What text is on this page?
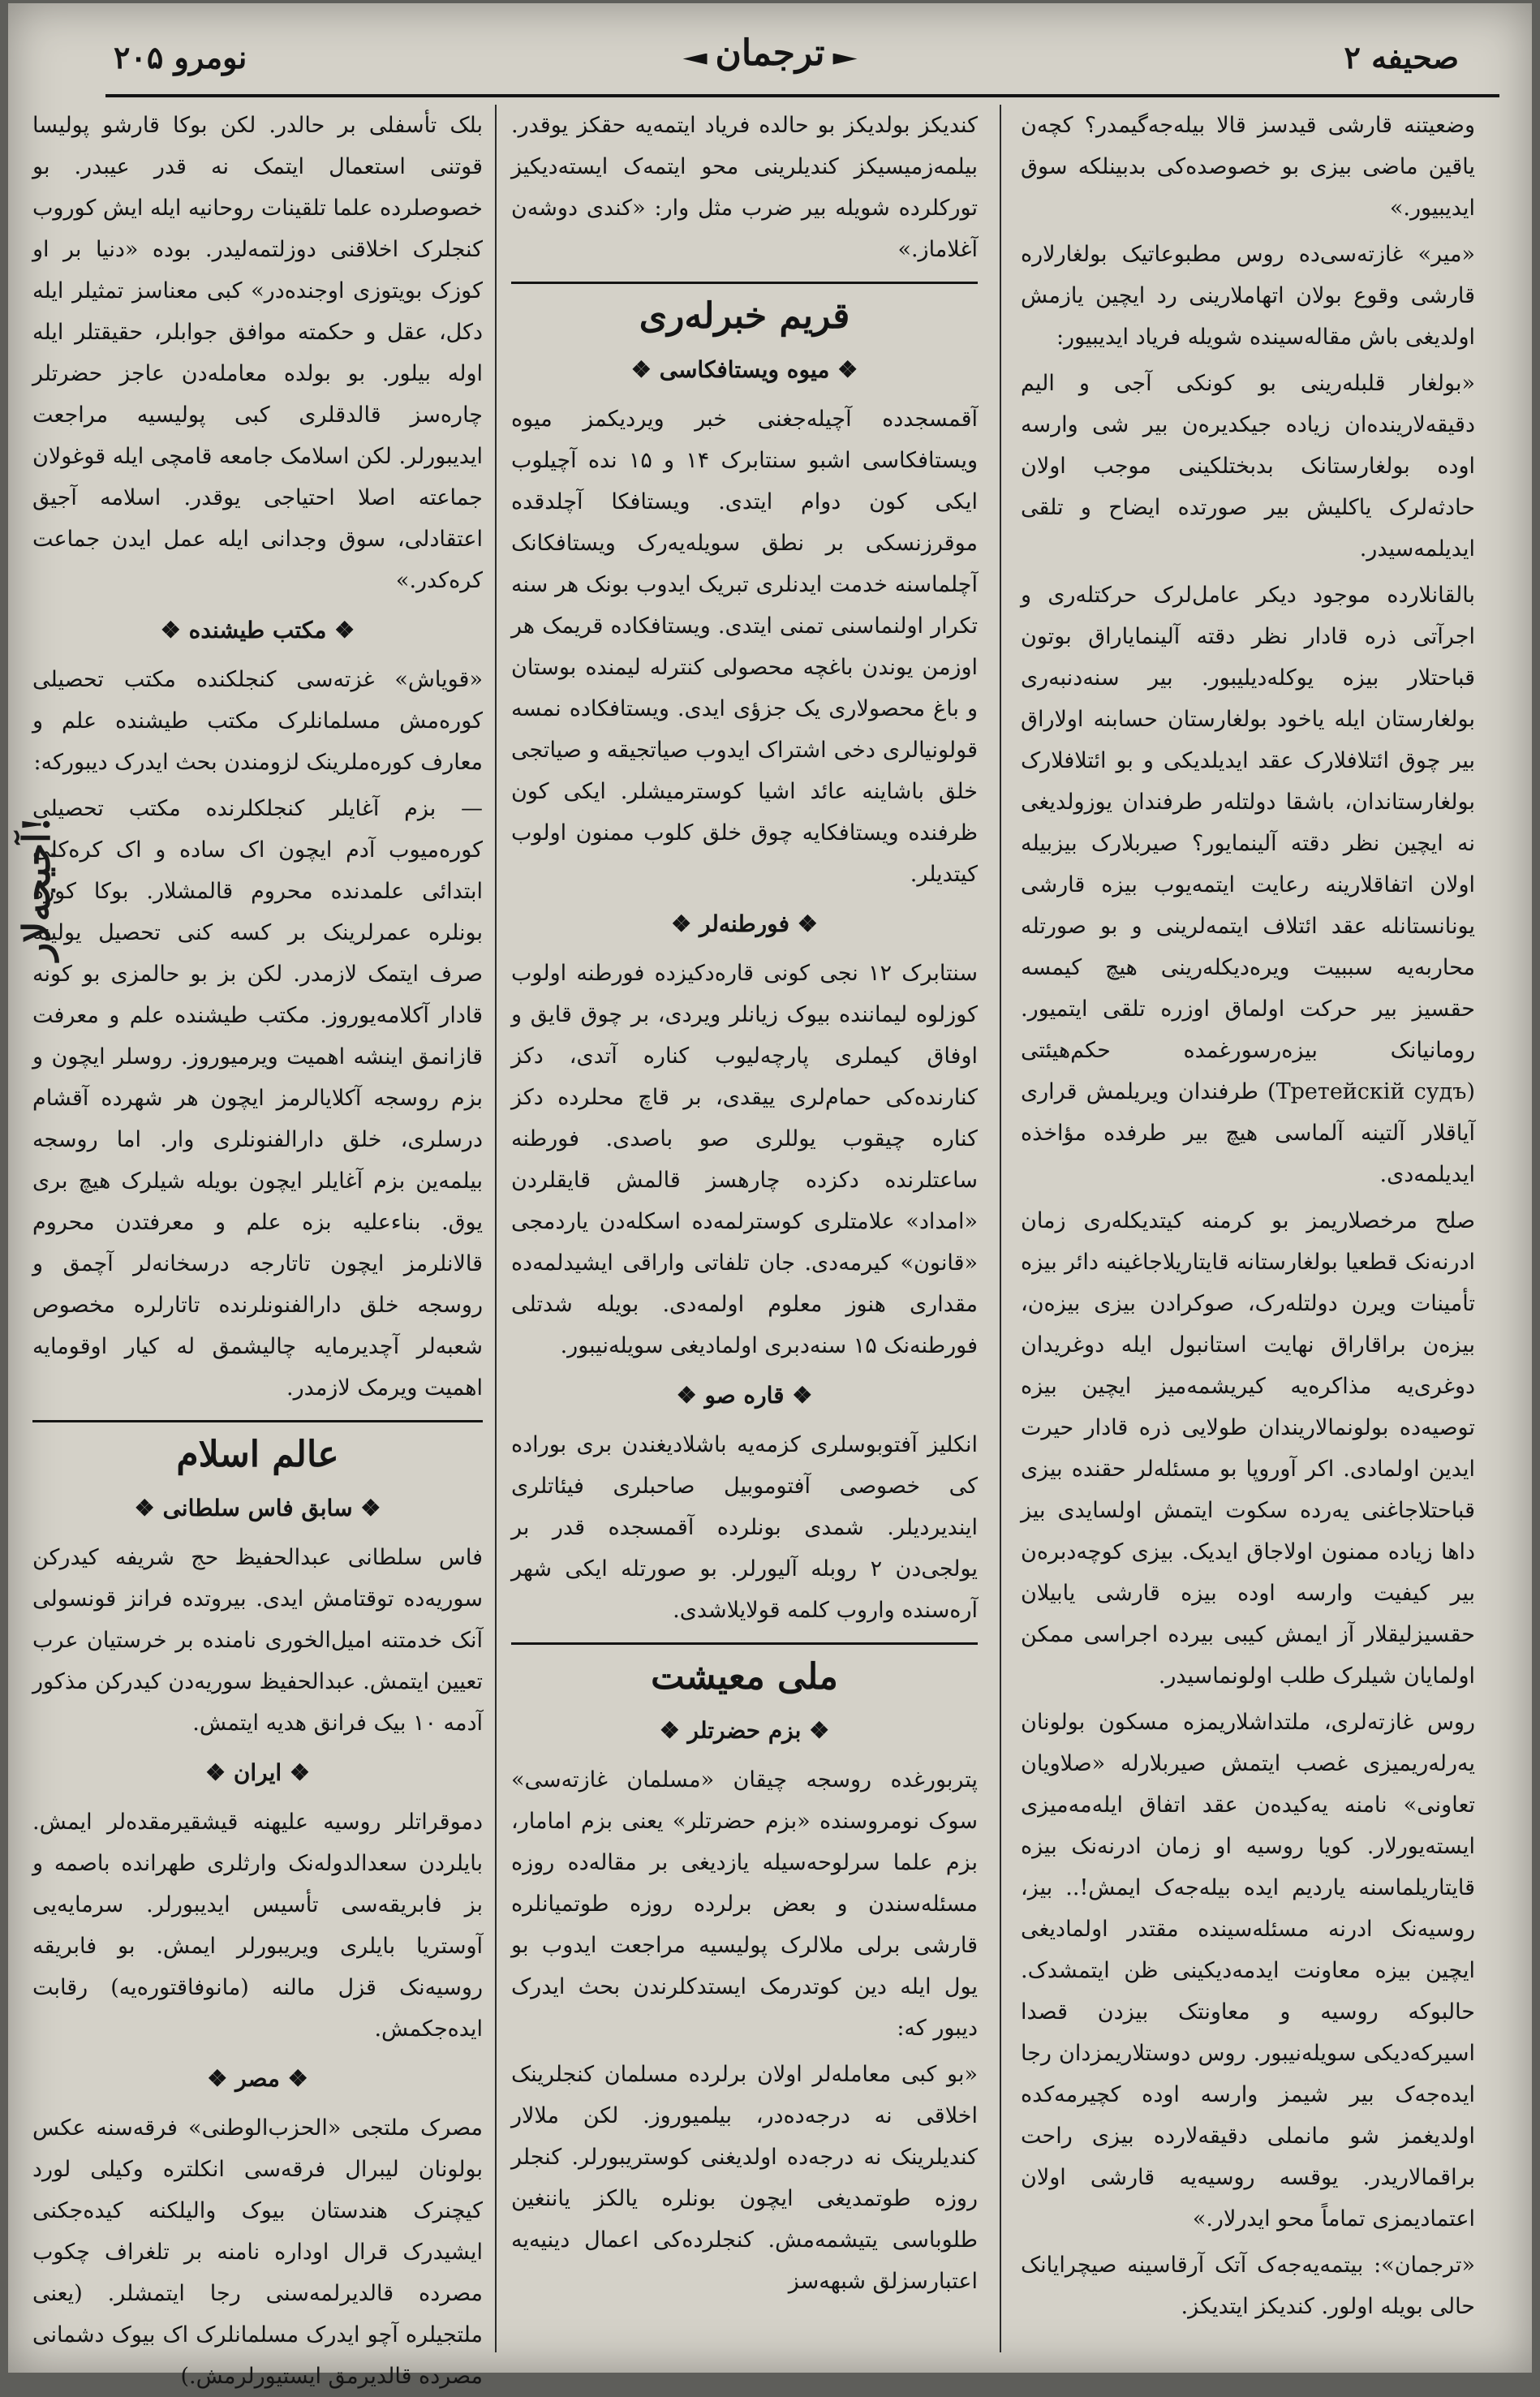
صحیفه ۲
ترجمان
نومرو ۲۰۵

وضعیتنه قارشی قیدسز قالا بیله‌جه‌گیمدر؟ کچه‌ن یاقین ماضی بیزی بو خصوصده‌کی بدبینلکه سوق ایدیبیور.»

«میر» غازته‌سی‌ده روس مطبوعاتیک بولغار‌لاره قارشی وقوع بولان اتهاملارینی رد ایچین یازمش اولدیغی باش مقاله‌سینده شویله فریاد ایدیبیور:

«بولغار قلبله‌رینی بو کونکی آجی و الیم دقیقه‌لارینده‌ان زیاده جیکدیره‌ن بیر شی وارسه اوده بولغارستانک بدبختلکینی موجب اولان حادثه‌لرک یاکلیش بیر صورتده ایضاح و تلقی ایدیلمه‌سیدر.

بالقانلارده موجود دیکر عامل‌لرک حرکتله‌ری و اجرآتی ذره قادار نظر دقته آلینمایاراق بوتون قباحتلار بیزه یوکله‌دیلیبور. بیر سنه‌دنبه‌ری بولغارستان ایله یاخود بولغارستان حسابنه اولاراق بیر چوق ائتلافلارک عقد ایدیلدیکی و بو ائتلافلارک بولغارستاندان، باشقا دولتله‌ر طرفندان یوزولدیغی نه ایچین نظر دقته آلینمایور؟ صیربلارک بیزبیله اولان اتفاقلارینه رعایت ایتمه‌یوب بیزه قارشی یونانستانله عقد ائتلاف ایتمه‌لرینی و بو صورتله محاربه‌یه سببیت ویره‌دیکله‌رینی هیچ کیمسه حقسیز بیر حرکت اولماق اوزره تلقی ایتمیور. رومانیانک بیزه‌رسو‌رغمده حکم‌هیئتی (Третейскій судъ) طرفندان ویریلمش قراری آیاقلار آلتینه آلماسی هیچ بیر طرفده مؤاخذه ایدیلمه‌دی.

صلح مرخصلاریمز بو کرمنه کیتدیکله‌ری زمان ادرنه‌نک قطعیا بولغارستانه قایتاریلاجاغینه دائر بیزه تأمینات ویرن دولتله‌رک، صوکرادن بیزی بیزه‌ن، بیزه‌ن براقاراق نهایت استانبول ایله دوغریدان دوغری‌یه مذاکره‌یه کیریشمه‌میز ایچین بیزه توصیه‌ده بولونمالاریندان طولایی ذره قادار حیرت ایدین اولمادی. اکر آوروپا بو مسئله‌لر حقنده بیزی قباحتلاجاغنی یه‌رده سکوت ایتمش اولسایدی بیز داها زیاده ممنون اولاجاق ایدیک. بیزی کوچه‌دبره‌ن بیر کیفیت وارسه اوده بیزه قارشی یابیلان حقسیزلیقلار آز ایمش کیبی بیرده اجراسی ممکن اولمایان شیلرک طلب اولونماسیدر.

روس غازته‌لری، ملتداشلاریمزه مسکون بولونان یه‌رله‌ریمیزی غصب ایتمش صیربلارله «صلاویان تعاونی» نامنه یه‌کیده‌ن عقد اتفاق ایله‌مه‌میزی ایسته‌یورلار. کویا روسیه او زمان ادرنه‌نک بیزه قایتاریلماسنه یاردیم ایده بیله‌جه‌ک ایمش!.. بیز، روسیه‌نک ادرنه مسئله‌سینده مقتدر اولمادیغی ایچین بیزه معاونت ایدمه‌دیکینی ظن ایتمشدک. حالبوکه روسیه و معاونتک بیزدن قصدا اسیرکه‌دیکی سویله‌نیبور. روس دوستلاریمزدان رجا ایده‌جه‌ک بیر شیمز وارسه اوده کچیرمه‌کده اولدیغمز شو مانملی دقیقه‌لارده بیزی راحت براقمالاریدر. یوقسه روسیه‌یه قارشی اولان اعتمادیمزی تماماً محو ایدرلار.»

«ترجمان»: بیتمه‌یه‌جه‌ک آتک آرقاسینه صیچرایانک حالی بویله اولور. کندیکز ایتدیکز.

کندیکز بولدیکز بو حالده فریاد ایتمه‌یه حقکز یوقدر. بیلمه‌زمیسیکز کندیلرینی محو ایتمه‌ک ایسته‌دیکیز تورکلرده شویله بیر ضرب مثل وار: «کندی دوشه‌ن آغلاماز.»

قریم خبرله‌ری
❖ میوه ویستافکاسی ❖

آقمسجدده آچیله‌جغنی خبر ویردیکمز میوه ویستافکاسی اشبو سنتابرک ۱۴ و ۱۵ نده آچیلوب ایکی کون دوام ایتدی. ویستافکا آچلدقده موقرزنسکی بر نطق سویله‌یه‌رک ویستافکانک آچلماسنه خدمت ایدنلری تبریک ایدوب بونک هر سنه تکرار اولنماسنی تمنی ایتدی. ویستافکاده قریمک هر اوزمن یوندن باغچه محصولی کنترله لیمنده بوستان و باغ محصولاری یک جزؤی ایدی. ویستافکاده نمسه قولونیالری دخی اشتراک ایدوب صیاتجیقه و صیاتجی خلق باشاینه عائد اشیا کوسترمیشلر. ایکی کون ظرفنده ویستافکایه چوق خلق کلوب ممنون اولوب کیتدیلر.

❖ فورطنه‌لر ❖

سنتابرک ۱۲ نجی کونی قاره‌دکیزده فورطنه اولوب کوزلوه لیماننده بیوک زیانلر ویردی، بر چوق قایق و اوفاق کیملری پارچه‌لیوب کناره آتدی، دکز کنارنده‌کی حمام‌لری ییقدی، بر قاچ محلرده دکز کناره چیقوب یوللری صو باصدی. فورطنه ساعتلرنده دکزده چارهسز قالمش قایقلردن «امداد» علامتلری کوسترلمه‌ده اسکله‌دن یاردمجی «قانون» کیرمه‌دی. جان تلفاتی واراقی ایشیدلمه‌ده مقداری هنوز معلوم اولمه‌دی. بویله شدتلی فورطنه‌نک ۱۵ سنه‌دبری اولمادیغی سویله‌نیبور.

❖ قاره صو ❖

انکلیز آفتوبوسلری کزمه‌یه باشلادیغندن بری بوراده کی خصوصی آفتوموبیل صاحبلری فیئاتلری ایندیردیلر. شمدی بونلرده آقمسجده قدر بر یولجی‌دن ۲ روبله آلیورلر. بو صورتله ایکی شهر آره‌سنده واروب کلمه قولایلاشدی.

ملی معیشت
❖ بزم حضرتلر ❖

پتربورغده روسجه چیقان «مسلمان غازته‌سی» سوک نومروسنده «بزم حضرتلر» یعنی بزم امامار، بزم علما سرلوحه‌سیله یازدیغی بر مقاله‌ده روزه مسئله‌سندن و بعض برلرده روزه طوتمیانلره قارشی برلی ملالرک پولیسیه مراجعت ایدوب بو یول ایله دین کوتدرمک ایستدکلرندن بحث ایدرک دیبور که:

«بو کبی معامله‌لر اولان برلرده مسلمان کنجلرینک اخلاقی نه درجه‌ده‌در، بیلمیوروز. لکن ملالار کندیلرینک نه درجه‌ده اولدیغنی کوستریبورلر. کنجلر روزه طوتمدیغی ایچون بونلره یالکز یاننغین طلوباسی یتیشمه‌مش. کنجلرده‌کی اعمال دینیه‌یه اعتبارسزلق شبهه‌سز

بلک تأسفلی بر حالدر. لکن بوکا قارشو پولیسا قوتنی استعمال ایتمک نه قدر عیبدر. بو خصوصلرده علما تلقینات روحانیه ایله ایش کوروب کنجلرک اخلاقنی دوزلتمه‌لیدر. بوده «دنیا بر او کوزک بویتوزی اوجنده‌در» کبی معناسز تمثیلر ایله دکل، عقل و حکمته موافق جوابلر، حقیقتلر ایله اوله بیلور. بو بولده معامله‌دن عاجز حضرتلر چاره‌سز قالدقلری کبی پولیسیه مراجعت ایدیبورلر. لکن اسلامک جامعه قامچی ایله قوغولان جماعته اصلا احتیاجی یوقدر. اسلامه آجیق اعتقادلی، سوق وجدانی ایله عمل ایدن جماعت کره‌کدر.»

❖ مکتب طیشنده ❖

«قویاش» غزته‌سی کنجلکنده مکتب تحصیلی کوره‌مش مسلمانلرک مکتب طیشنده علم و معارف کوره‌ملرینک لزومندن بحث ایدرک دیبورکه:

— بزم آغایلر کنجلکلرنده مکتب تحصیلی کوره‌میوب آدم ایچون اک ساده و اک کره‌کلی ابتدائی علمدنده محروم قالمشلار. بوکا کوره بونلره عمرلرینک بر کسه کنی تحصیل یولینه صرف ایتمک لازمدر. لکن بز بو حالمزی بو کونه قادار آکلامه‌یوروز. مکتب طیشنده علم و معرفت قازانمق اینشه اهمیت ویرمیوروز. روسلر ایچون و بزم روسجه آکلایالرمز ایچون هر شهرده آقشام درسلری، خلق دارالفنونلری وار. اما روسجه بیلمه‌ین بزم آغایلر ایچون بویله شیلرک هیچ بری یوق. بناءعلیه بزه علم و معرفتدن محروم قالانلرمز ایچون تاتارجه درسخانه‌لر آچمق و روسجه خلق دارالفنونلرنده تاتارلره مخصوص شعبه‌لر آچدیرمایه چالیشمق له کیار اوقومایه اهمیت ویرمک لازمدر.

عالم اسلام
❖ سابق فاس سلطانی ❖

فاس سلطانی عبدالحفیظ حج شریفه کیدرکن سوریه‌ده توقتامش ایدی. بیروتده فرانز قونسولی آنک خدمتنه امیل‌الخوری نامنده بر خرستیان عرب تعیین ایتمش. عبدالحفیظ سوریه‌دن کیدرکن مذکور آدمه ۱۰ بیک فرانق هدیه ایتمش.

❖ ایران ❖

دموقراتلر روسیه علیهنه قیشقیرمقده‌لر ایمش. بایلردن سعدالدوله‌نک وارثلری طهرانده باصمه و بز فابریقه‌سی تأسیس ایدیبورلر. سرمایه‌یی آوستریا بایلری ویریبورلر ایمش. بو فابریقه روسیه‌نک قزل مالنه (مانوفاقتوره‌یه) رقابت ایده‌جکمش.

❖ مصر ❖

مصرک ملتجی «الحزب‌الوطنی» فرقه‌سنه عکس بولونان لیبرال فرقه‌سی انکلتره وکیلی لورد کیچنرک هندستان بیوک والیلکنه کیده‌جکنی ایشیدرک قرال اوداره نامنه بر تلغراف چکوب مصرده قالدیرلمه‌سنی رجا ایتمشلر. (یعنی ملتجیلره آچو ایدرک مسلمانلرک اک بیوک دشمانی مصرده قالدیرمق ایستیورلرمش.)

آجیجه‌لار!
